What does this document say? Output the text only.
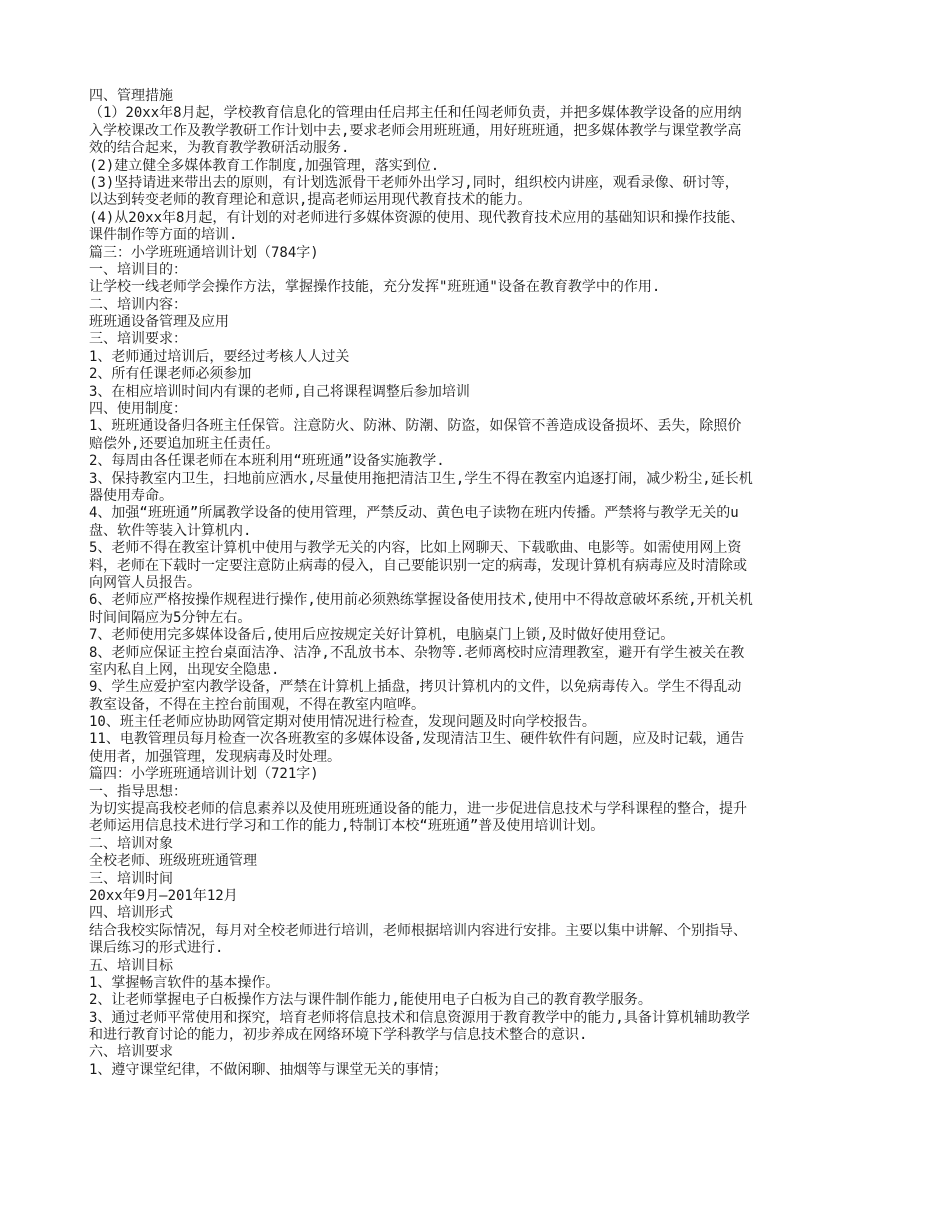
四、管理措施
（1）20xx年8月起，学校教育信息化的管理由任启邦主任和任闯老师负责，并把多媒体教学设备的应用纳
入学校课改工作及教学教研工作计划中去,要求老师会用班班通，用好班班通，把多媒体教学与课堂教学高
效的结合起来，为教育教学教研活动服务.
(2)建立健全多媒体教育工作制度,加强管理，落实到位.
(3)坚持请进来带出去的原则，有计划选派骨干老师外出学习,同时，组织校内讲座，观看录像、研讨等，
以达到转变老师的教育理论和意识,提高老师运用现代教育技术的能力。
(4)从20xx年8月起，有计划的对老师进行多媒体资源的使用、现代教育技术应用的基础知识和操作技能、
课件制作等方面的培训.
篇三：小学班班通培训计划（784字)
一、培训目的：
让学校一线老师学会操作方法，掌握操作技能，充分发挥"班班通"设备在教育教学中的作用.
二、培训内容：
班班通设备管理及应用
三、培训要求：
1、老师通过培训后，要经过考核人人过关
2、所有任课老师必须参加
3、在相应培训时间内有课的老师,自己将课程调整后参加培训
四、使用制度：
1、班班通设备归各班主任保管。注意防火、防淋、防潮、防盗，如保管不善造成设备损坏、丢失，除照价
赔偿外,还要追加班主任责任。
2、每周由各任课老师在本班利用“班班通”设备实施教学.
3、保持教室内卫生，扫地前应洒水,尽量使用拖把清洁卫生,学生不得在教室内追逐打闹，减少粉尘,延长机
器使用寿命。
4、加强“班班通”所属教学设备的使用管理，严禁反动、黄色电子读物在班内传播。严禁将与教学无关的u
盘、软件等装入计算机内.
5、老师不得在教室计算机中使用与教学无关的内容，比如上网聊天、下载歌曲、电影等。如需使用网上资
料，老师在下载时一定要注意防止病毒的侵入，自己要能识别一定的病毒，发现计算机有病毒应及时清除或
向网管人员报告。
6、老师应严格按操作规程进行操作,使用前必须熟练掌握设备使用技术,使用中不得故意破坏系统,开机关机
时间间隔应为5分钟左右。
7、老师使用完多媒体设备后,使用后应按规定关好计算机，电脑桌门上锁,及时做好使用登记。
8、老师应保证主控台桌面洁净、洁净,不乱放书本、杂物等.老师离校时应清理教室，避开有学生被关在教
室内私自上网，出现安全隐患.
9、学生应爱护室内教学设备，严禁在计算机上插盘，拷贝计算机内的文件，以免病毒传入。学生不得乱动
教室设备，不得在主控台前围观，不得在教室内喧哗。
10、班主任老师应协助网管定期对使用情况进行检查，发现问题及时向学校报告。
11、电教管理员每月检查一次各班教室的多媒体设备,发现清洁卫生、硬件软件有问题，应及时记载，通告
使用者，加强管理，发现病毒及时处理。
篇四：小学班班通培训计划（721字)
一、指导思想：
为切实提高我校老师的信息素养以及使用班班通设备的能力，进一步促进信息技术与学科课程的整合，提升
老师运用信息技术进行学习和工作的能力,特制订本校“班班通”普及使用培训计划。
二、培训对象
全校老师、班级班班通管理
三、培训时间
20xx年9月—201年12月
四、培训形式
结合我校实际情况，每月对全校老师进行培训，老师根据培训内容进行安排。主要以集中讲解、个别指导、
课后练习的形式进行.
五、培训目标
1、掌握畅言软件的基本操作。
2、让老师掌握电子白板操作方法与课件制作能力,能使用电子白板为自己的教育教学服务。
3、通过老师平常使用和探究，培育老师将信息技术和信息资源用于教育教学中的能力,具备计算机辅助教学
和进行教育讨论的能力，初步养成在网络环境下学科教学与信息技术整合的意识.
六、培训要求
1、遵守课堂纪律，不做闲聊、抽烟等与课堂无关的事情；
